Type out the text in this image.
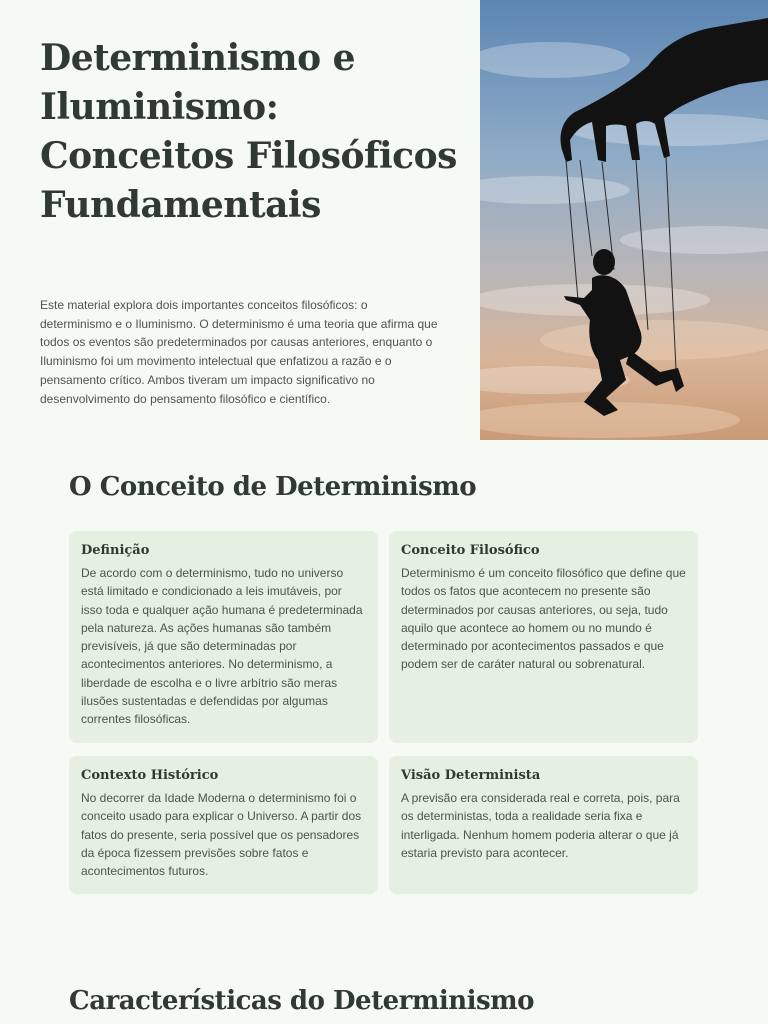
Determinismo e Iluminismo: Conceitos Filosóficos Fundamentais

Este material explora dois importantes conceitos filosóficos: o determinismo e o Iluminismo. O determinismo é uma teoria que afirma que todos os eventos são predeterminados por causas anteriores, enquanto o Iluminismo foi um movimento intelectual que enfatizou a razão e o pensamento crítico. Ambos tiveram um impacto significativo no desenvolvimento do pensamento filosófico e científico.

O Conceito de Determinismo
Definição

De acordo com o determinismo, tudo no universo está limitado e condicionado a leis imutáveis, por isso toda e qualquer ação humana é predeterminada pela natureza. As ações humanas são também previsíveis, já que são determinadas por acontecimentos anteriores. No determinismo, a liberdade de escolha e o livre arbítrio são meras ilusões sustentadas e defendidas por algumas correntes filosóficas.

Conceito Filosófico

Determinismo é um conceito filosófico que define que todos os fatos que acontecem no presente são determinados por causas anteriores, ou seja, tudo aquilo que acontece ao homem ou no mundo é determinado por acontecimentos passados e que podem ser de caráter natural ou sobrenatural.

Contexto Histórico

No decorrer da Idade Moderna o determinismo foi o conceito usado para explicar o Universo. A partir dos fatos do presente, seria possível que os pensadores da época fizessem previsões sobre fatos e acontecimentos futuros.

Visão Determinista

A previsão era considerada real e correta, pois, para os deterministas, toda a realidade seria fixa e interligada. Nenhum homem poderia alterar o que já estaria previsto para acontecer.

Características do Determinismo
